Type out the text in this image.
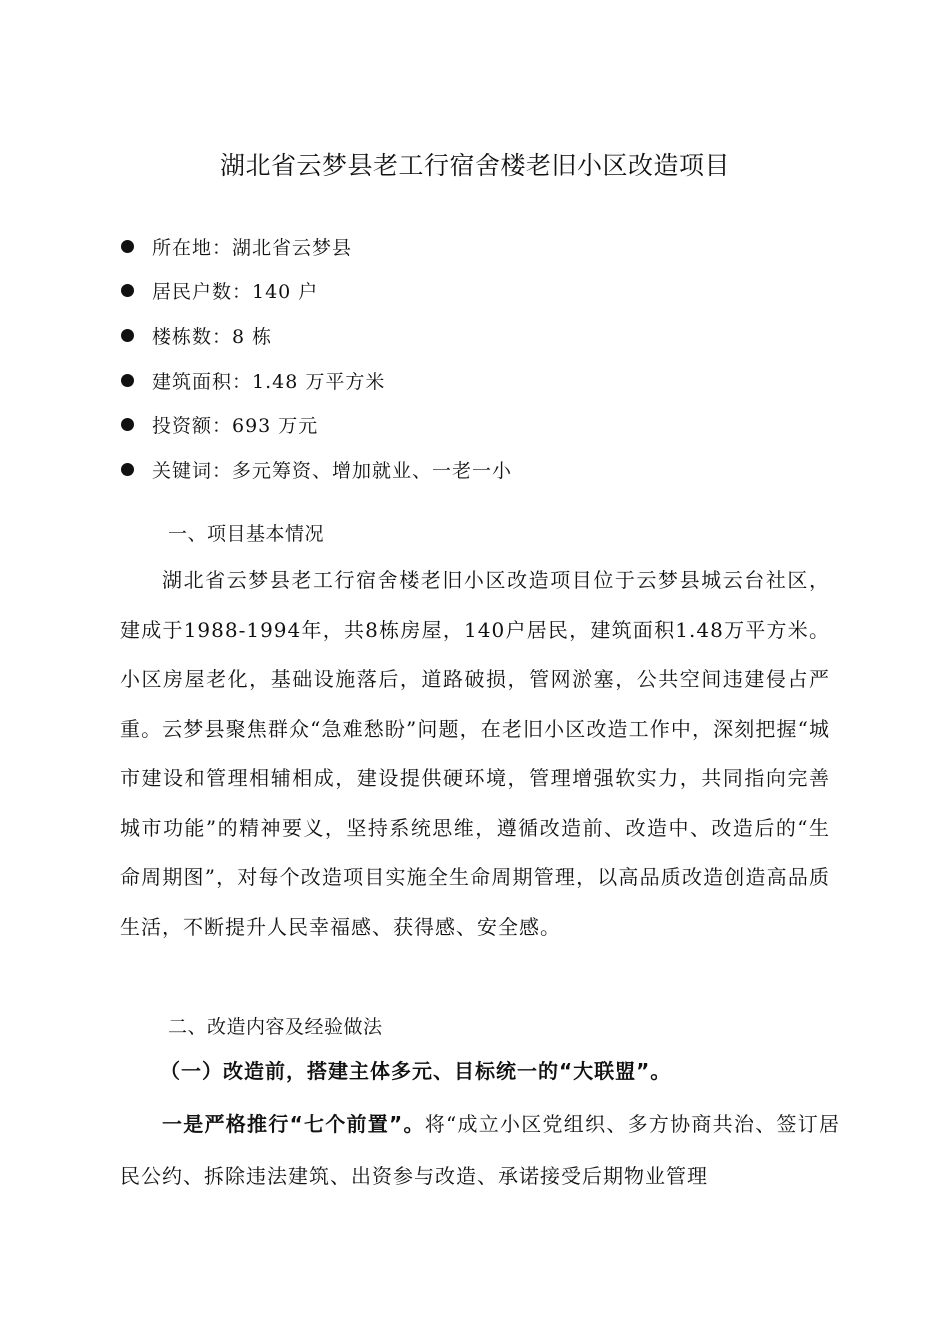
湖北省云梦县老工行宿舍楼老旧小区改造项目
所在地：湖北省云梦县
居民户数：140 户
楼栋数：8 栋
建筑面积：1.48 万平方米
投资额：693 万元
关键词：多元筹资、增加就业、一老一小
一、项目基本情况
湖北省云梦县老工行宿舍楼老旧小区改造项目位于云梦县城云台社区，建成于1988-1994年，共8栋房屋，140户居民，建筑面积1.48万平方米。小区房屋老化，基础设施落后，道路破损，管网淤塞，公共空间违建侵占严重。云梦县聚焦群众“急难愁盼”问题，在老旧小区改造工作中，深刻把握“城市建设和管理相辅相成，建设提供硬环境，管理增强软实力，共同指向完善城市功能”的精神要义，坚持系统思维，遵循改造前、改造中、改造后的“生命周期图”，对每个改造项目实施全生命周期管理，以高品质改造创造高品质生活，不断提升人民幸福感、获得感、安全感。
二、改造内容及经验做法
（一）改造前，搭建主体多元、目标统一的“大联盟”。
一是严格推行“七个前置”。将“成立小区党组织、多方协商共治、签订居民公约、拆除违法建筑、出资参与改造、承诺接受后期物业管理
